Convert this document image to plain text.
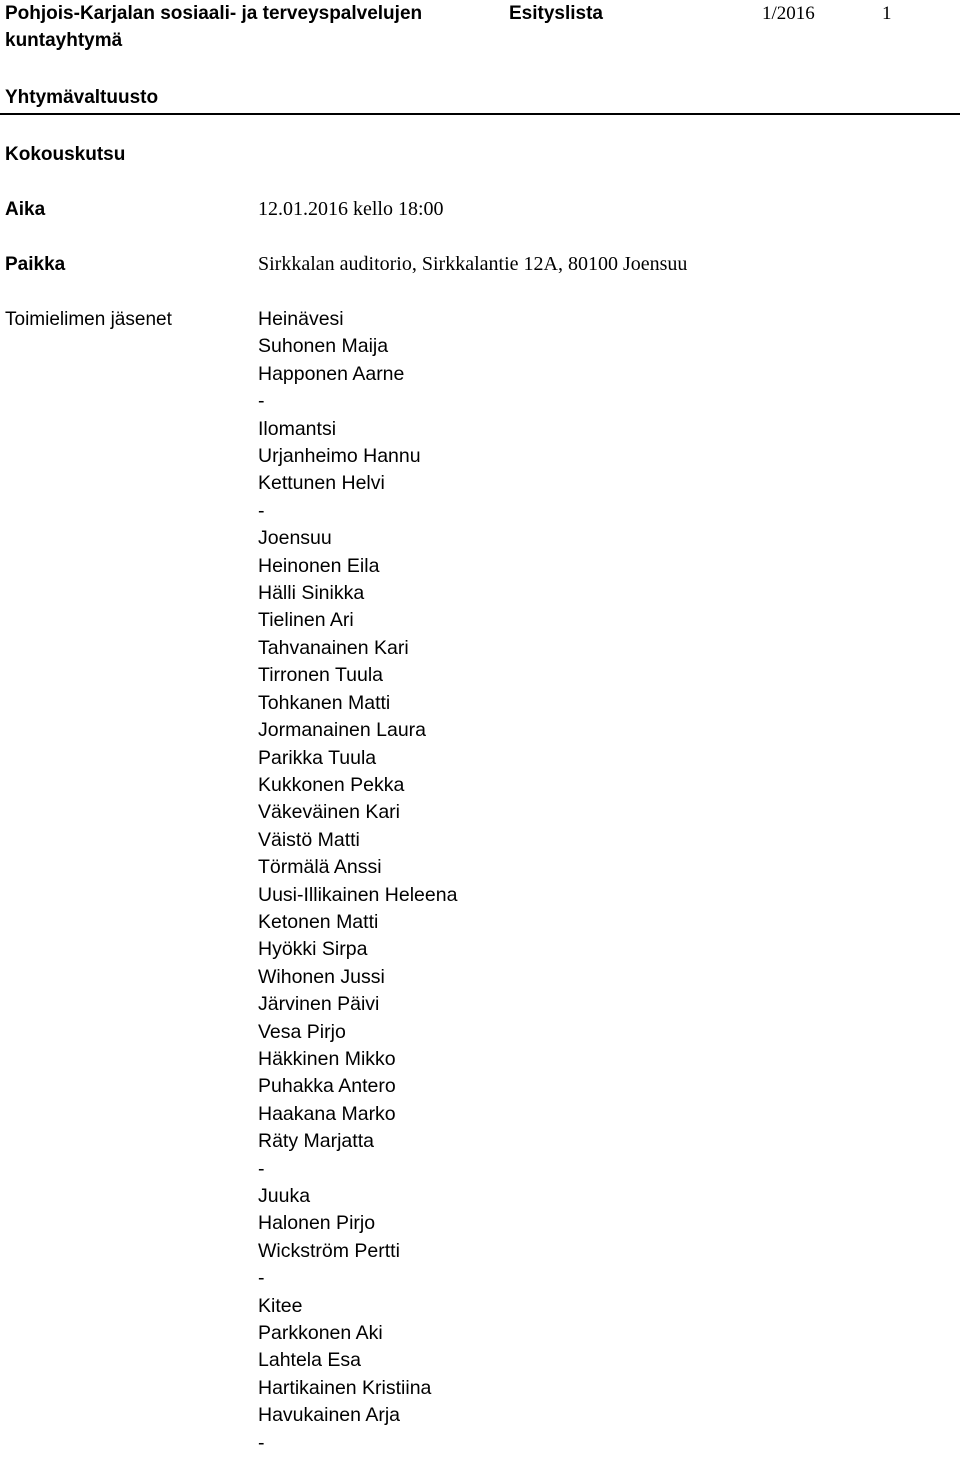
Pohjois-Karjalan sosiaali- ja terveyspalvelujen kuntayhtymä
Esityslista	1/2016	1
Yhtymävaltuusto
Kokouskutsu
Aika	12.01.2016 kello 18:00
Paikka	Sirkkalan auditorio, Sirkkalantie 12A, 80100 Joensuu
Toimielimen jäsenet	Heinävesi
Suhonen Maija
Happonen Aarne
-
Ilomantsi
Urjanheimo Hannu
Kettunen Helvi
-
Joensuu
Heinonen Eila
Hälli Sinikka
Tielinen Ari
Tahvanainen Kari
Tirronen Tuula
Tohkanen Matti
Jormanainen Laura
Parikka Tuula
Kukkonen Pekka
Väkeväinen Kari
Väistö Matti
Törmälä Anssi
Uusi-Illikainen Heleena
Ketonen Matti
Hyökki Sirpa
Wihonen Jussi
Järvinen Päivi
Vesa Pirjo
Häkkinen Mikko
Puhakka Antero
Haakana Marko
Räty Marjatta
-
Juuka
Halonen Pirjo
Wickström Pertti
-
Kitee
Parkkonen Aki
Lahtela Esa
Hartikainen Kristiina
Havukainen Arja
-
